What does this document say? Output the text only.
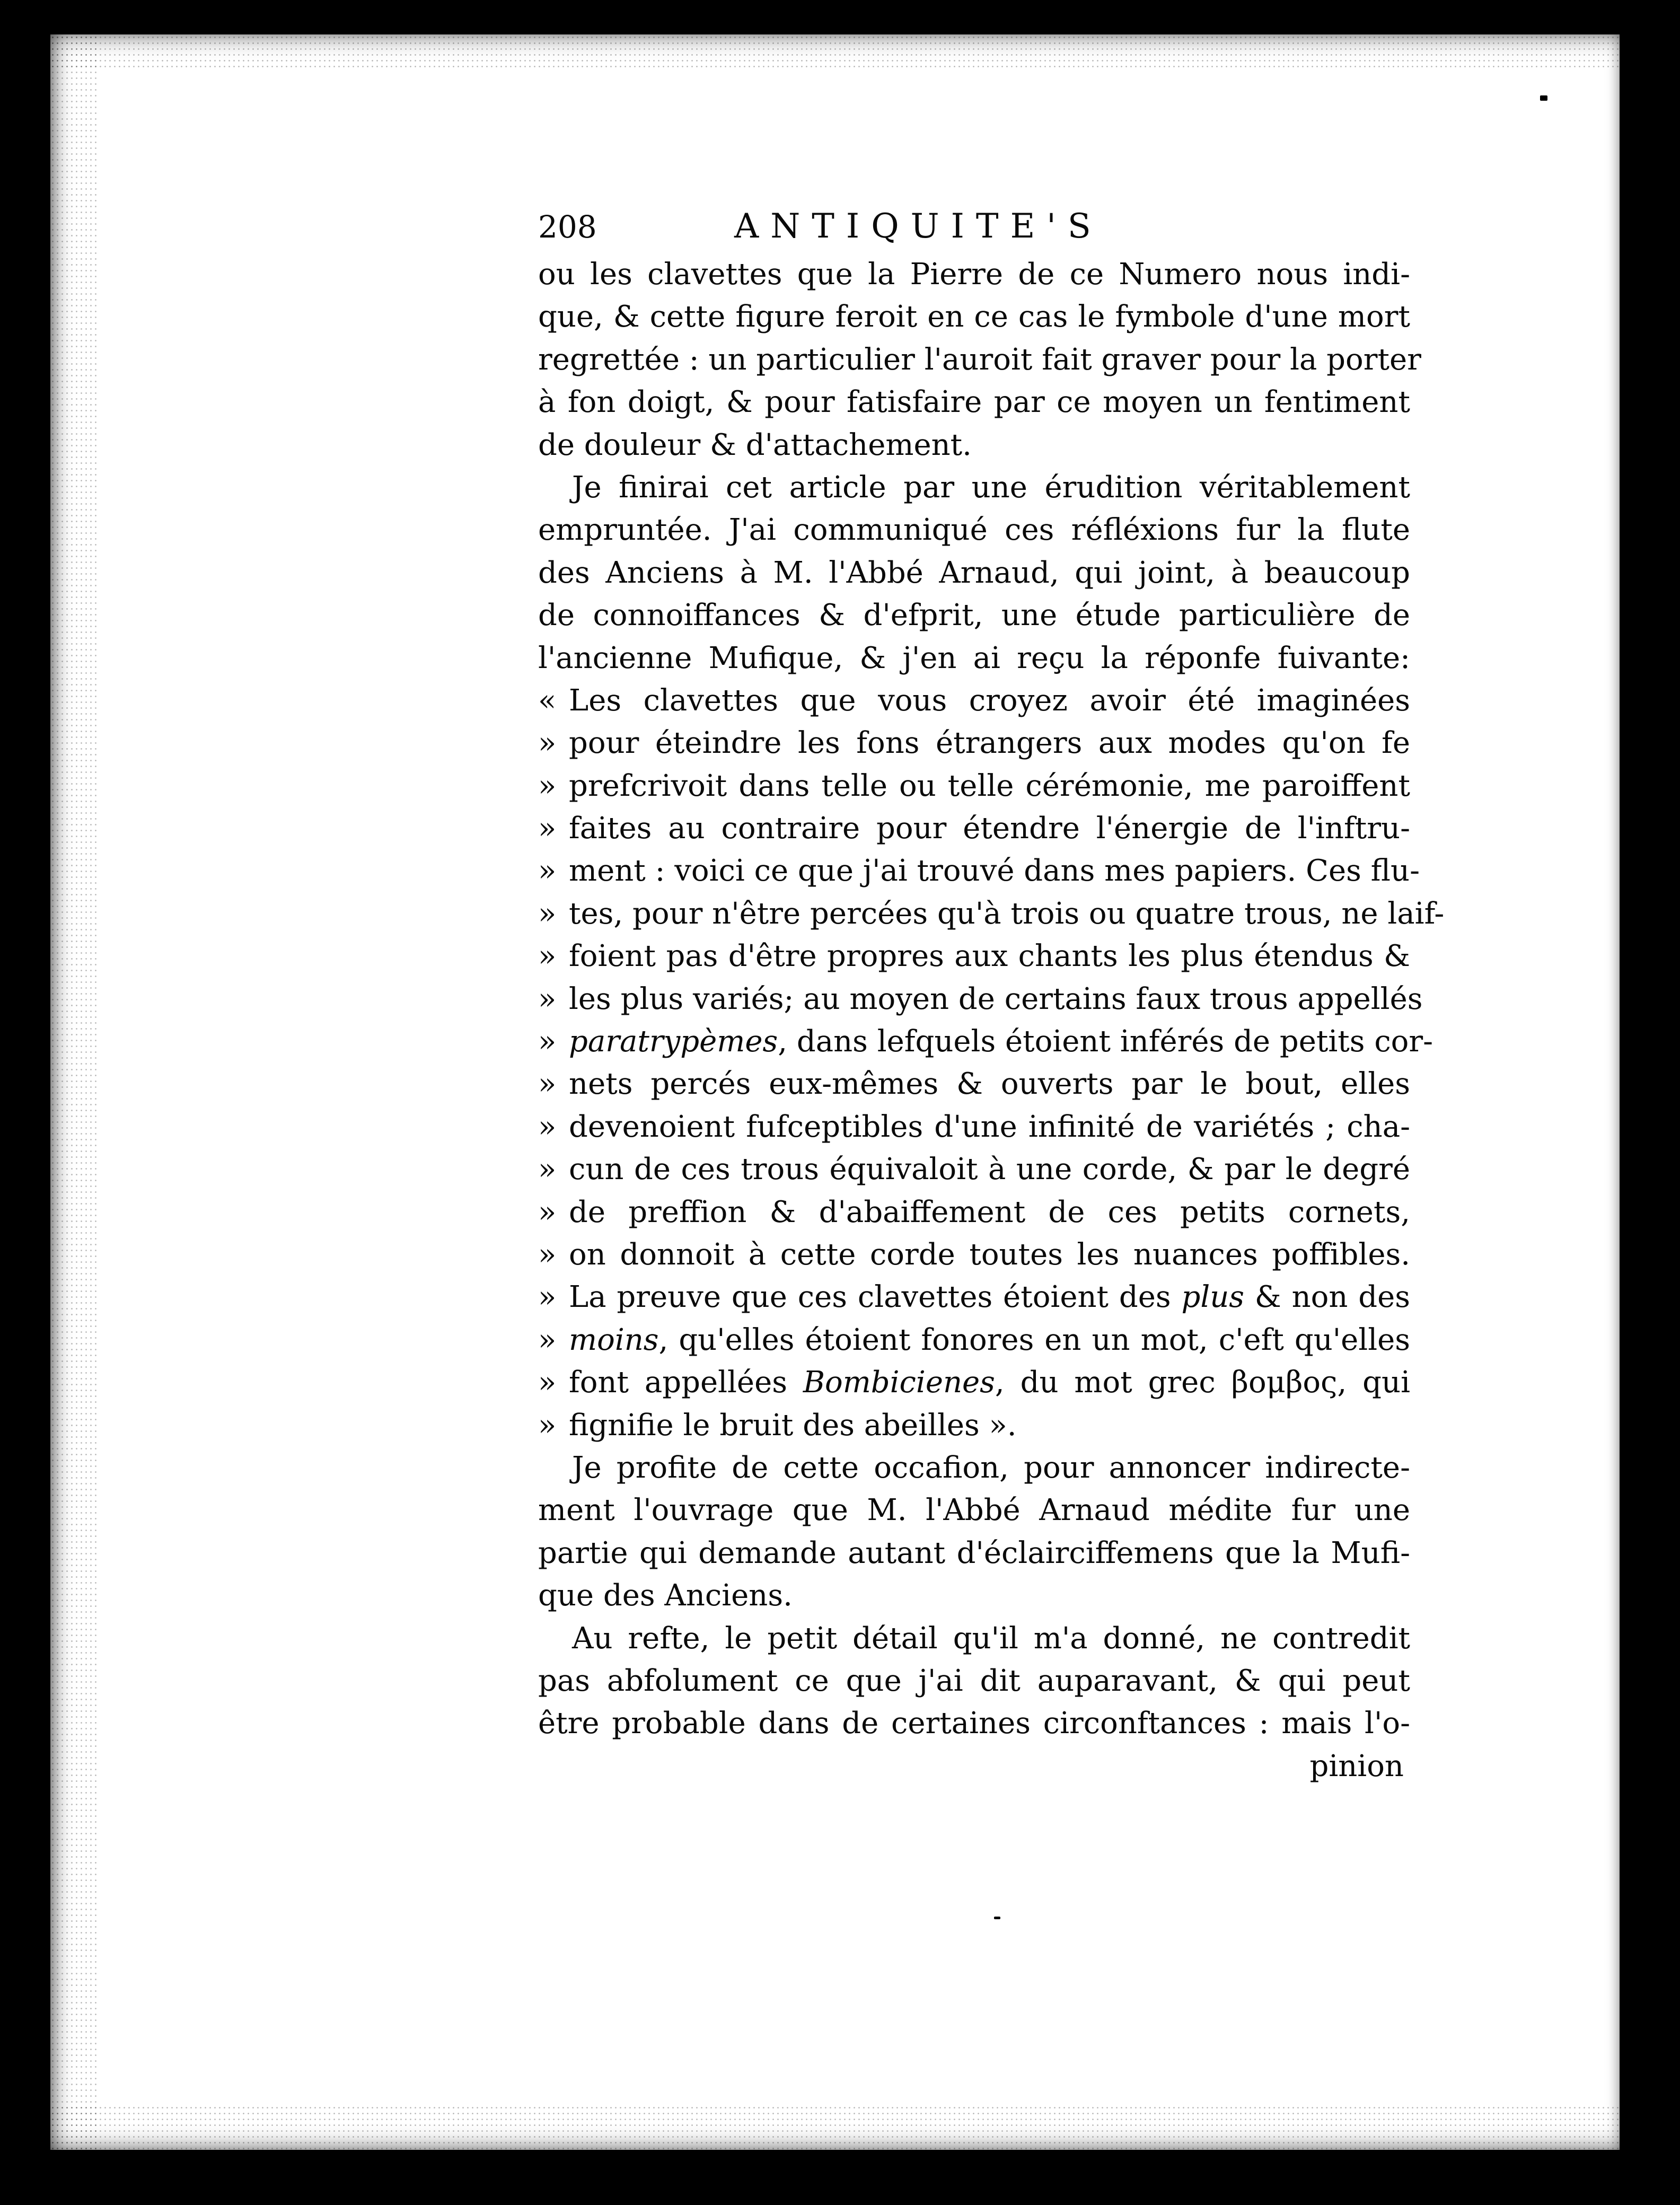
208	ANTIQUITE'S
ou les clavettes que la Pierre de ce Numero nous indi-
que, & cette figure feroit en ce cas le fymbole d'une mort
regrettée : un particulier l'auroit fait graver pour la porter
à fon doigt, & pour fatisfaire par ce moyen un fentiment
de douleur & d'attachement.
Je finirai cet article par une érudition véritablement
empruntée. J'ai communiqué ces réfléxions fur la flute
des Anciens à M. l'Abbé Arnaud, qui joint, à beaucoup
de connoiffances & d'efprit, une étude particulière de
l'ancienne Mufique, & j'en ai reçu la réponfe fuivante:
« Les clavettes que vous croyez avoir été imaginées
» pour éteindre les fons étrangers aux modes qu'on fe
» prefcrivoit dans telle ou telle cérémonie, me paroiffent
» faites au contraire pour étendre l'énergie de l'inftru-
» ment : voici ce que j'ai trouvé dans mes papiers. Ces flu-
» tes, pour n'être percées qu'à trois ou quatre trous, ne laif-
» foient pas d'être propres aux chants les plus étendus &
» les plus variés; au moyen de certains faux trous appellés
» paratrypèmes, dans lefquels étoient inférés de petits cor-
» nets percés eux-mêmes & ouverts par le bout, elles
» devenoient fufceptibles d'une infinité de variétés ; cha-
» cun de ces trous équivaloit à une corde, & par le degré
» de preffion & d'abaiffement de ces petits cornets,
» on donnoit à cette corde toutes les nuances poffibles.
» La preuve que ces clavettes étoient des plus & non des
» moins, qu'elles étoient fonores en un mot, c'eft qu'elles
» font appellées Bombicienes, du mot grec βομβος, qui
» fignifie le bruit des abeilles ».
Je profite de cette occafion, pour annoncer indirecte-
ment l'ouvrage que M. l'Abbé Arnaud médite fur une
partie qui demande autant d'éclairciffemens que la Mufi-
que des Anciens.
Au refte, le petit détail qu'il m'a donné, ne contredit
pas abfolument ce que j'ai dit auparavant, & qui peut
être probable dans de certaines circonftances : mais l'o-
pinion
